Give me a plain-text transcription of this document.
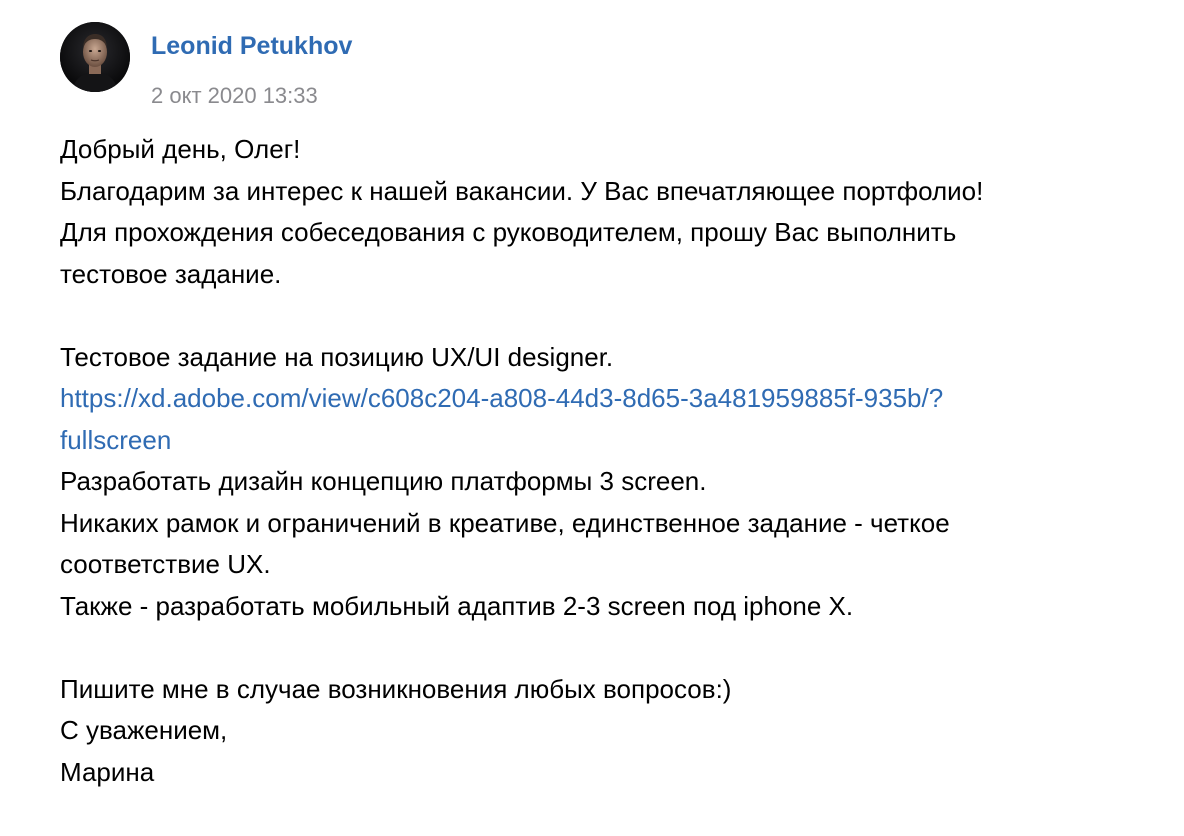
Leonid Petukhov
2 окт 2020 13:33
Добрый день, Олег!
Благодарим за интерес к нашей вакансии. У Вас впечатляющее портфолио!
Для прохождения собеседования с руководителем, прошу Вас выполнить
тестовое задание.
Тестовое задание на позицию UX/UI designer.
https://xd.adobe.com/view/c608c204-a808-44d3-8d65-3a481959885f-935b/?
fullscreen
Разработать дизайн концепцию платформы 3 screen.
Никаких рамок и ограничений в креативе, единственное задание - четкое
соответствие UX.
Также - разработать мобильный адаптив 2-3 screen под iphone X.
Пишите мне в случае возникновения любых вопросов:)
С уважением,
Марина
